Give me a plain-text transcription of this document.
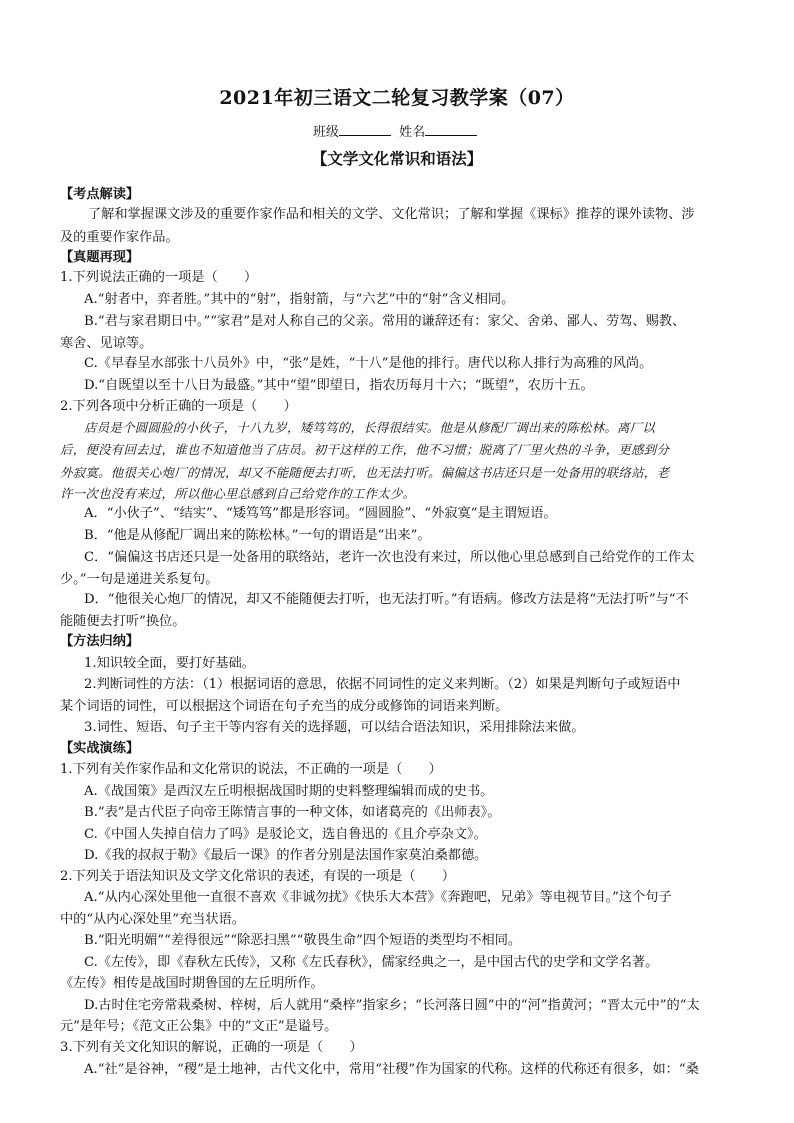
2021年初三语文二轮复习教学案（07）
班级	姓名
【文学文化常识和语法】
【考点解读】
了解和掌握课文涉及的重要作家作品和相关的文学、文化常识；了解和掌握《课标》推荐的课外读物、涉
及的重要作家作品。
【真题再现】
1.下列说法正确的一项是（　　）
A.“射者中，弈者胜。”其中的“射”，指射箭，与“六艺”中的“射”含义相同。
B.“君与家君期日中。”“家君”是对人称自己的父亲。常用的谦辞还有：家父、舍弟、鄙人、劳驾、赐教、
寒舍、见谅等。
C.《早春呈水部张十八员外》中，“张”是姓，“十八”是他的排行。唐代以称人排行为高雅的风尚。
D.“自既望以至十八日为最盛。”其中“望”即望日，指农历每月十六；“既望”，农历十五。
2.下列各项中分析正确的一项是（　　）
店员是个圆圆脸的小伙子，十八九岁，矮笃笃的，长得很结实。他是从修配厂调出来的陈松林。离厂以
后，便没有回去过，谁也不知道他当了店员。初干这样的工作，他不习惯；脱离了厂里火热的斗争，更感到分
外寂寞。他很关心炮厂的情况，却又不能随便去打听，也无法打听。偏偏这书店还只是一处备用的联络站，老
许一次也没有来过，所以他心里总感到自己给党作的工作太少。
A．“小伙子”、“结实”、“矮笃笃”都是形容词。“圆圆脸”、“外寂寞”是主谓短语。
B．“他是从修配厂调出来的陈松林。”一句的谓语是“出来”。
C．“偏偏这书店还只是一处备用的联络站，老许一次也没有来过，所以他心里总感到自己给党作的工作太
少。”一句是递进关系复句。
D．“他很关心炮厂的情况，却又不能随便去打听，也无法打听。”有语病。修改方法是将“无法打听”与“不
能随便去打听”换位。
【方法归纳】
1.知识较全面，要打好基础。
2.判断词性的方法：（1）根据词语的意思，依据不同词性的定义来判断。（2）如果是判断句子或短语中
某个词语的词性，可以根据这个词语在句子充当的成分或修饰的词语来判断。
3.词性、短语、句子主干等内容有关的选择题，可以结合语法知识，采用排除法来做。
【实战演练】
1.下列有关作家作品和文化常识的说法，不正确的一项是（　　）
A.《战国策》是西汉左丘明根据战国时期的史料整理编辑而成的史书。
B.“表”是古代臣子向帝王陈情言事的一种文体，如诸葛亮的《出师表》。
C.《中国人失掉自信力了吗》是驳论文，选自鲁迅的《且介亭杂文》。
D.《我的叔叔于勒》《最后一课》的作者分别是法国作家莫泊桑都德。
2.下列关于语法知识及文学文化常识的表述，有误的一项是（　　）
A.“从内心深处里他一直很不喜欢《非诚勿扰》《快乐大本营》《奔跑吧，兄弟》等电视节目。”这个句子
中的“从内心深处里”充当状语。
B.“阳光明媚”“差得很远”“除恶扫黑”“敬畏生命”四个短语的类型均不相同。
C.《左传》，即《春秋左氏传》，又称《左氏春秋》，儒家经典之一，是中国古代的史学和文学名著。
《左传》相传是战国时期鲁国的左丘明所作。
D.古时住宅旁常栽桑树、梓树，后人就用“桑梓”指家乡；“长河落日圆”中的“河”指黄河；“晋太元中”的“太
元”是年号；《范文正公集》中的“文正”是谥号。
3.下列有关文化知识的解说，正确的一项是（　　）
A.“社”是谷神，“稷”是土地神，古代文化中，常用“社稷”作为国家的代称。这样的代称还有很多，如：“桑
